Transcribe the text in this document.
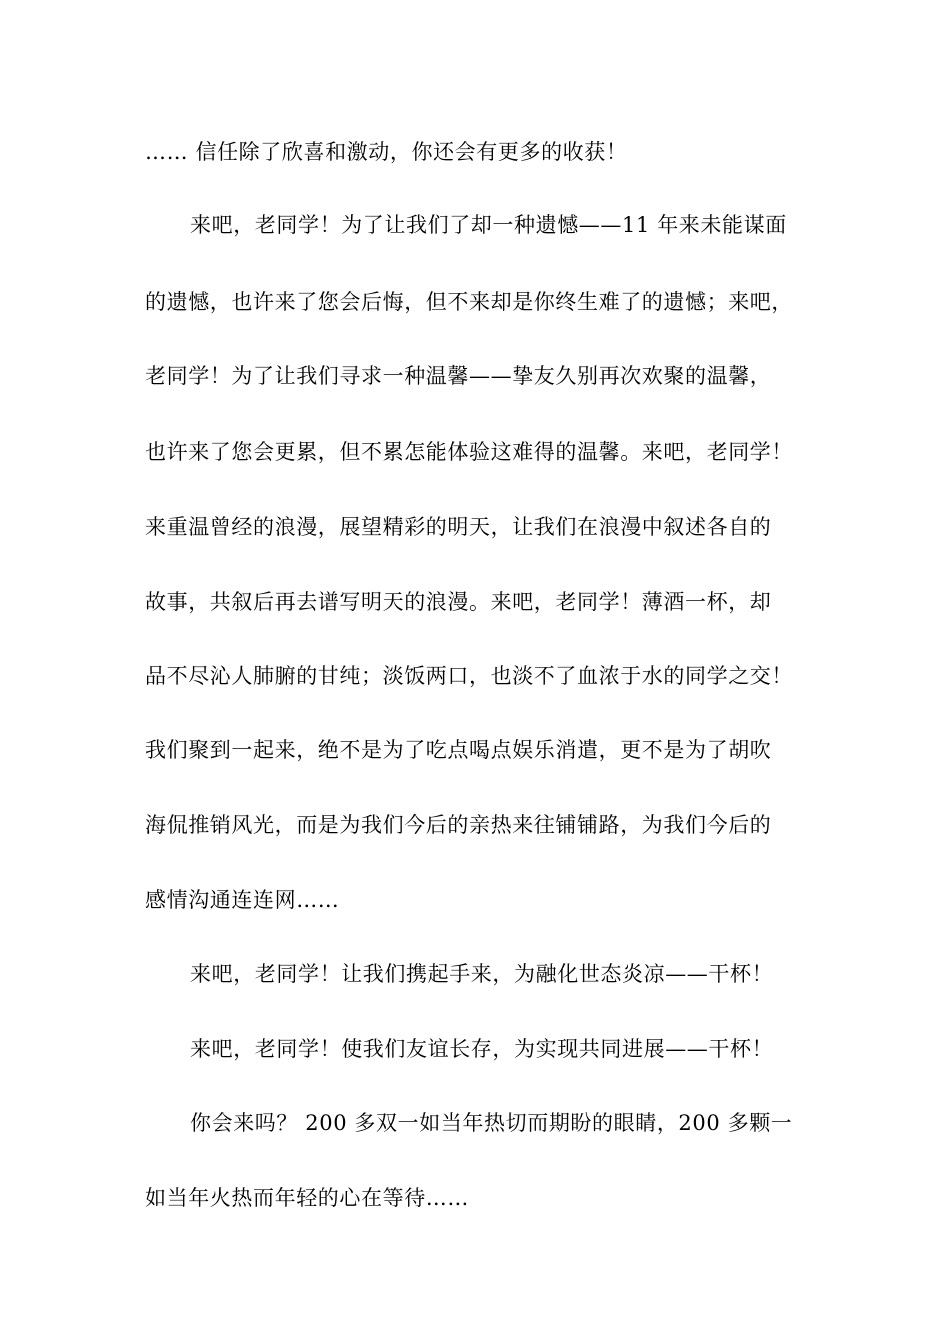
…… 信任除了欣喜和激动，你还会有更多的收获！
来吧，老同学！为了让我们了却一种遗憾——11 年来未能谋面
的遗憾，也许来了您会后悔，但不来却是你终生难了的遗憾；来吧，
老同学！为了让我们寻求一种温馨——挚友久别再次欢聚的温馨，
也许来了您会更累，但不累怎能体验这难得的温馨。来吧，老同学！
来重温曾经的浪漫，展望精彩的明天，让我们在浪漫中叙述各自的
故事，共叙后再去谱写明天的浪漫。来吧，老同学！薄酒一杯，却
品不尽沁人肺腑的甘纯；淡饭两口，也淡不了血浓于水的同学之交！
我们聚到一起来，绝不是为了吃点喝点娱乐消遣，更不是为了胡吹
海侃推销风光，而是为我们今后的亲热来往铺铺路，为我们今后的
感情沟通连连网……
来吧，老同学！让我们携起手来，为融化世态炎凉——干杯！
来吧，老同学！使我们友谊长存，为实现共同进展——干杯！
你会来吗？ 200 多双一如当年热切而期盼的眼睛，200 多颗一
如当年火热而年轻的心在等待……
